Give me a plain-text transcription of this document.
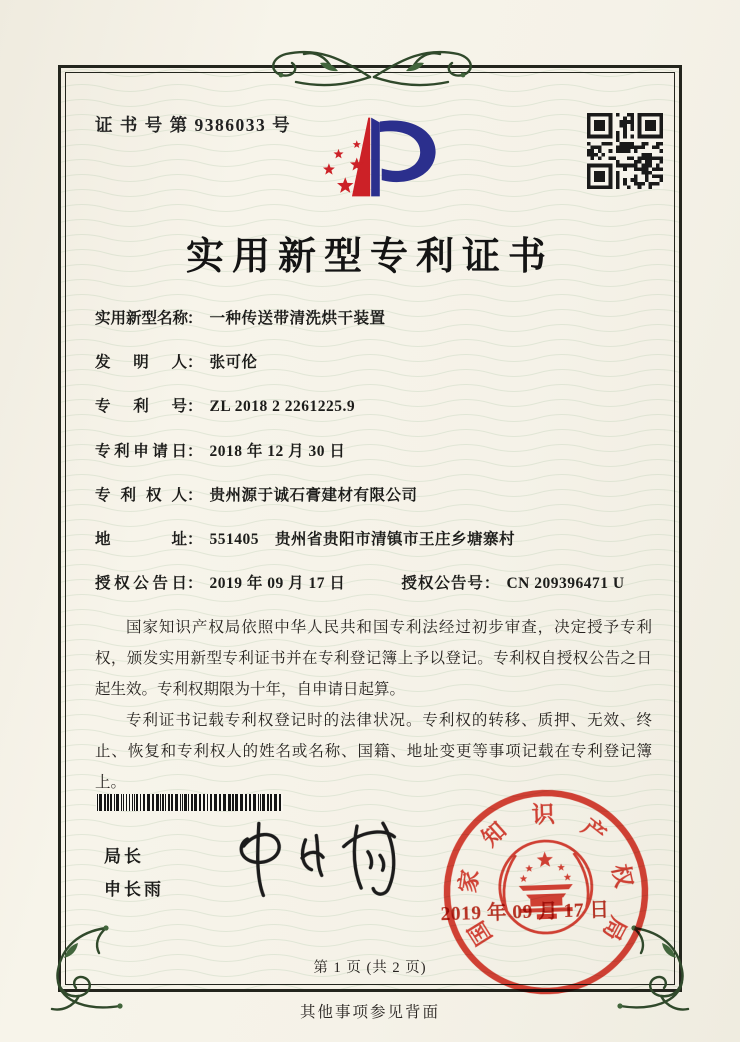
证 书 号 第 9386033 号
实用新型专利证书
实用新型名称： 一种传送带清洗烘干装置
发明人： 张可伦
专利号： ZL 2018 2 2261225.9
专利申请日： 2018 年 12 月 30 日
专利权人： 贵州源于诚石膏建材有限公司
地址： 551405　贵州省贵阳市清镇市王庄乡塘寨村
授权公告日： 2019 年 09 月 17 日	授权公告号： CN 209396471 U

国家知识产权局依照中华人民共和国专利法经过初步审查，决定授予专利权，颁发实用新型专利证书并在专利登记簿上予以登记。专利权自授权公告之日起生效。专利权期限为十年，自申请日起算。

专利证书记载专利权登记时的法律状况。专利权的转移、质押、无效、终止、恢复和专利权人的姓名或名称、国籍、地址变更等事项记载在专利登记簿上。

局长
申长雨
国
家
知
识 产
权
局
2019 年 09 月 17 日
第 1 页 (共 2 页)
其他事项参见背面
